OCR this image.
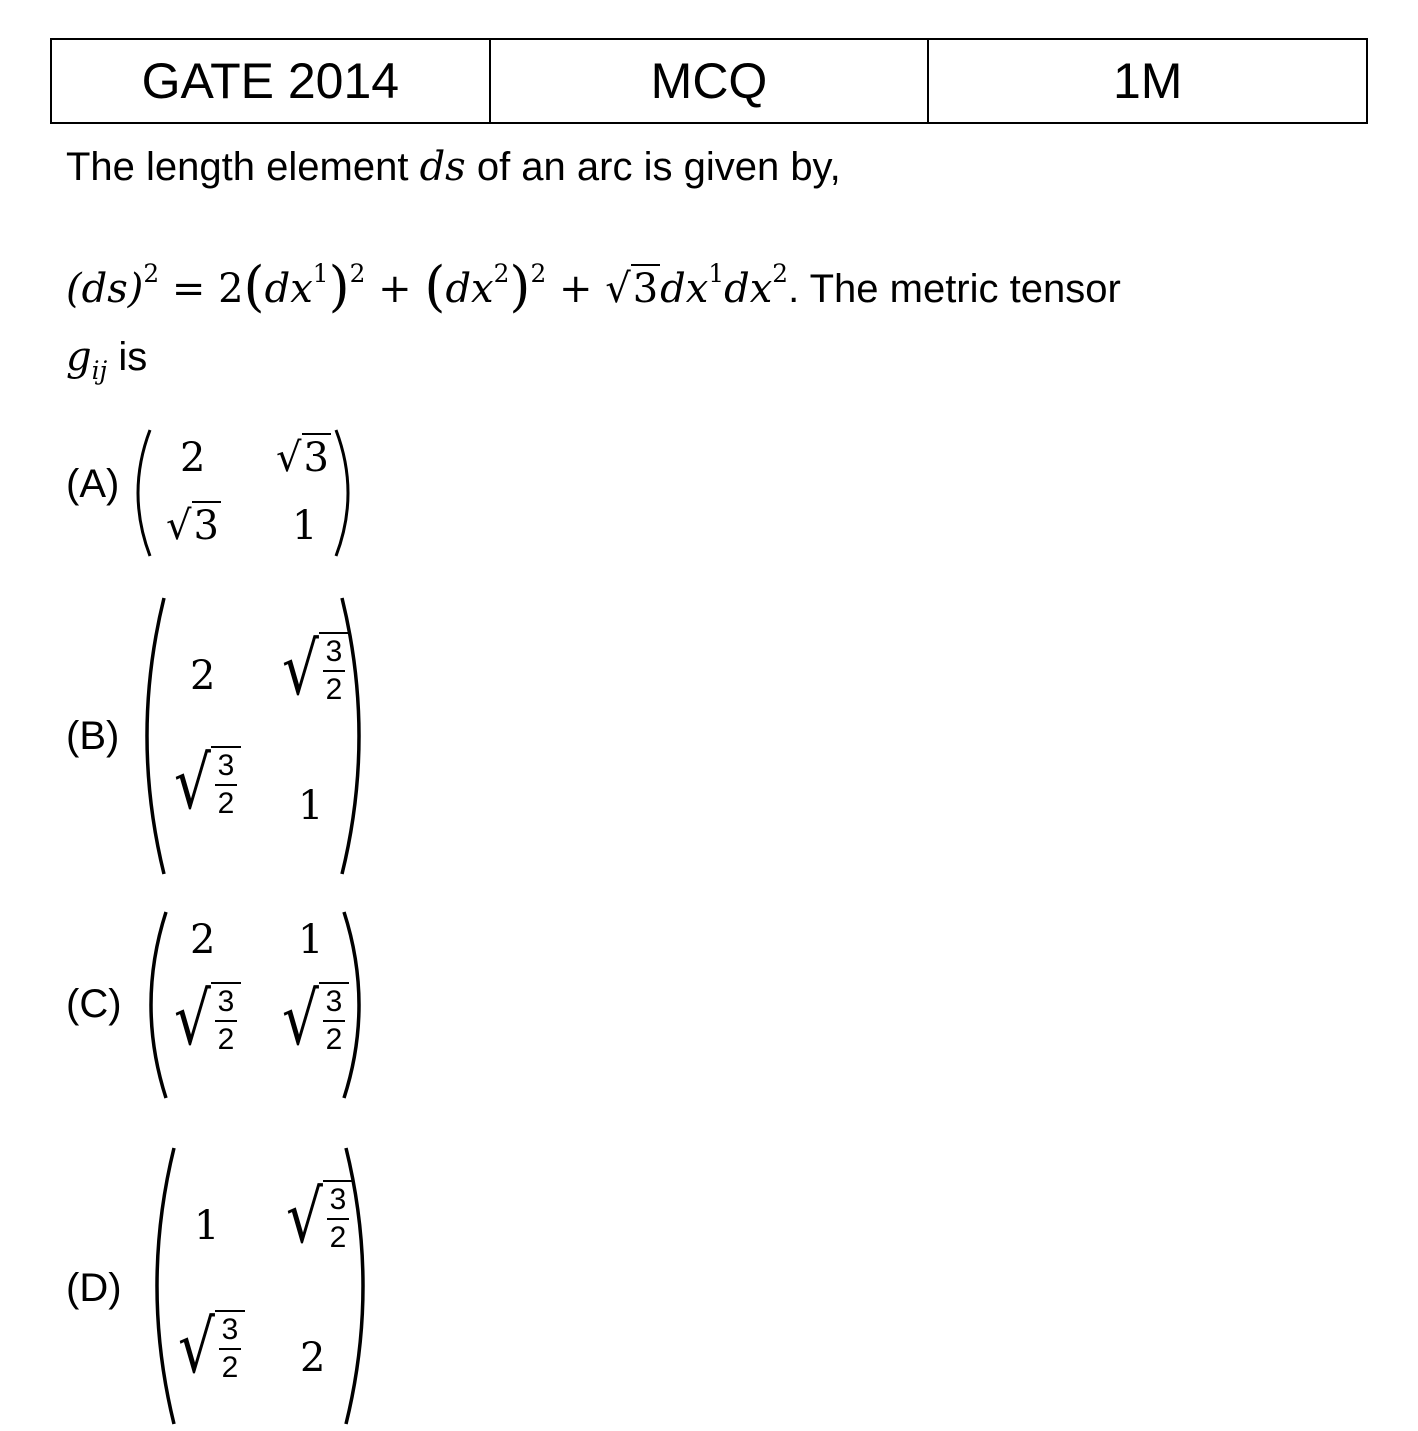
GATE 2014	MCQ	1M
The length element ds of an arc is given by,
$(ds)^2 = 2(dx^1)^2 + (dx^2)^2 + √3dx^1dx^2$. The metric tensor
$g_{ij}$ is
(A)
2 √3
√3 1
(B)
2 √ 3
2
√ 3
2 1
(C)
2 1
√ 3
2 √ 3
2
(D)
1 √ 3
2
√ 3
2 2
